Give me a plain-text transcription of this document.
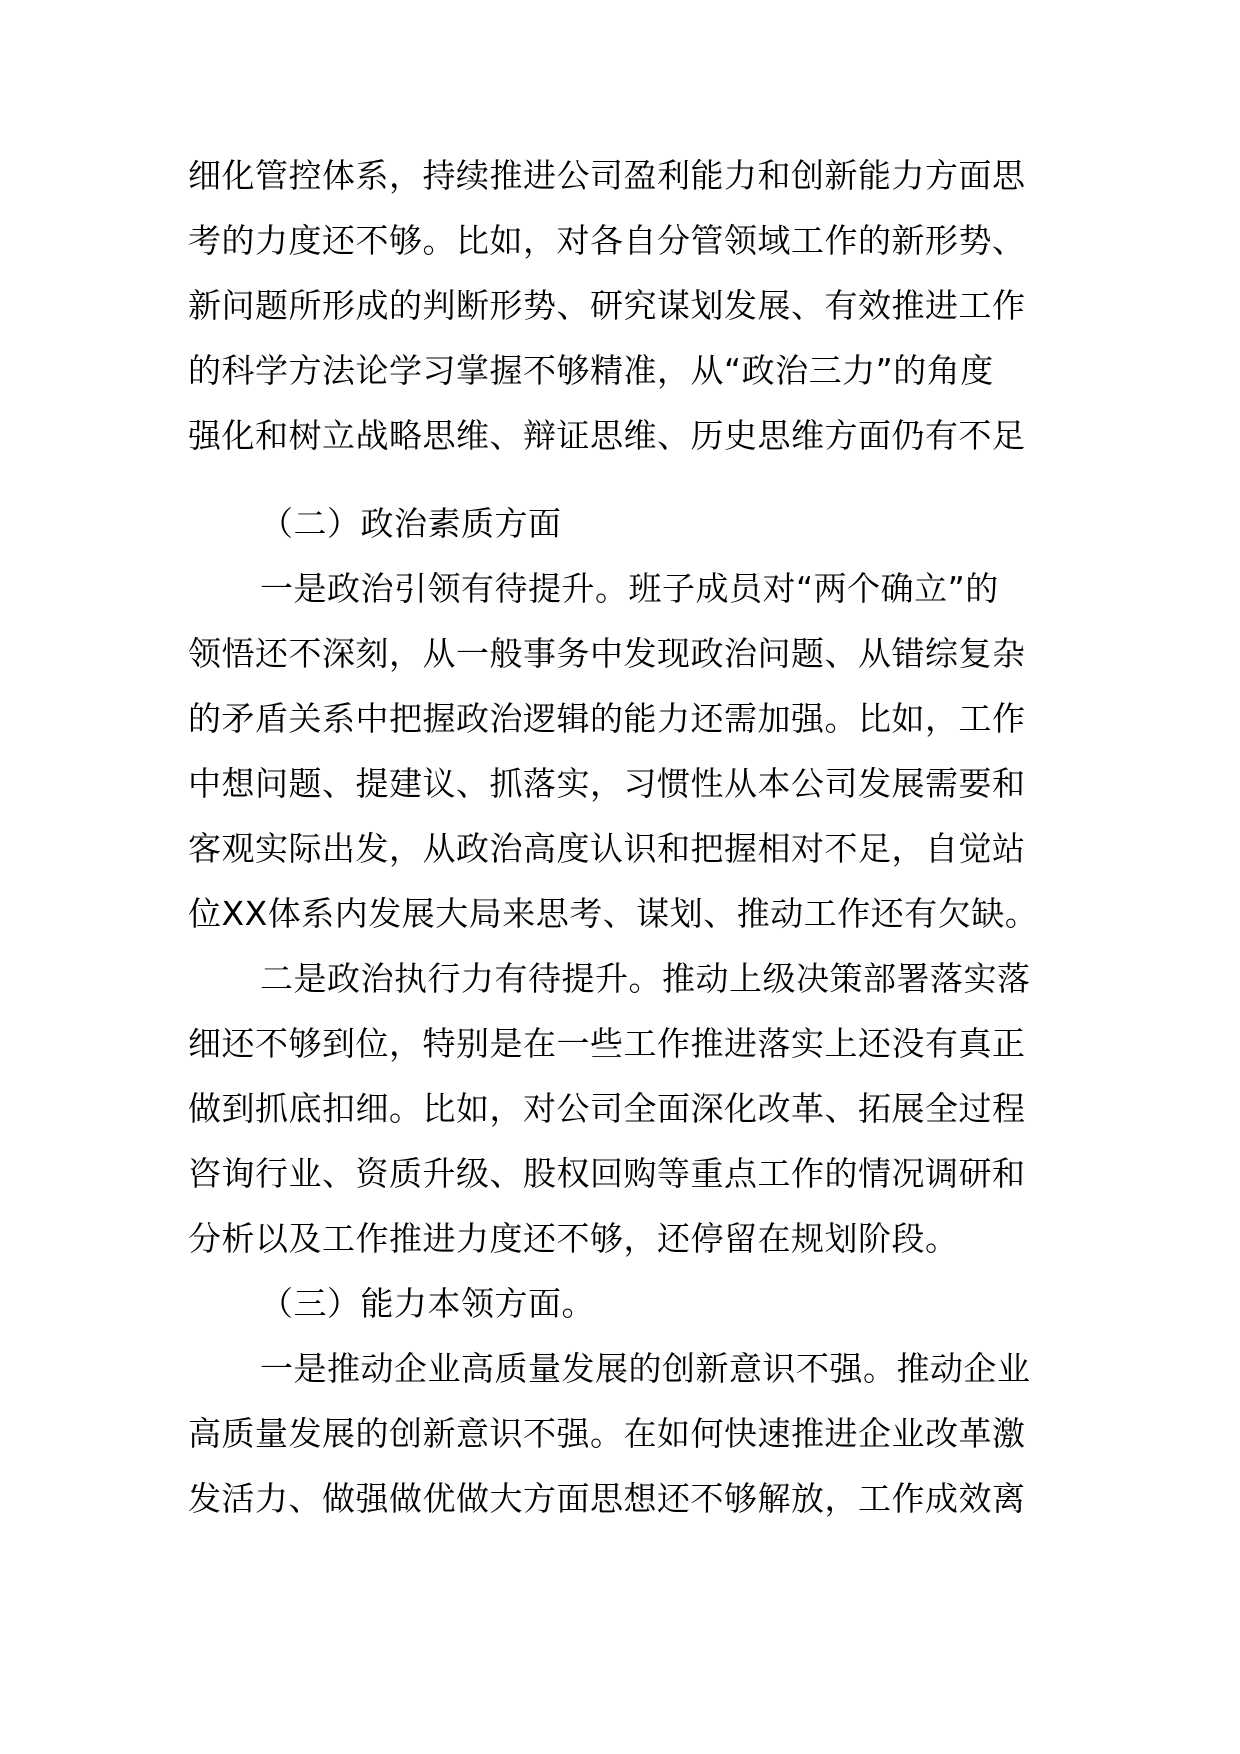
细化管控体系，持续推进公司盈利能力和创新能力方面思
考的力度还不够。比如，对各自分管领域工作的新形势、
新问题所形成的判断形势、研究谋划发展、有效推进工作
的科学方法论学习掌握不够精准，从“政治三力”的角度
强化和树立战略思维、辩证思维、历史思维方面仍有不足
（二）政治素质方面
一是政治引领有待提升。班子成员对“两个确立”的
领悟还不深刻，从一般事务中发现政治问题、从错综复杂
的矛盾关系中把握政治逻辑的能力还需加强。比如，工作
中想问题、提建议、抓落实，习惯性从本公司发展需要和
客观实际出发，从政治高度认识和把握相对不足，自觉站
位XX体系内发展大局来思考、谋划、推动工作还有欠缺。
二是政治执行力有待提升。推动上级决策部署落实落
细还不够到位，特别是在一些工作推进落实上还没有真正
做到抓底扣细。比如，对公司全面深化改革、拓展全过程
咨询行业、资质升级、股权回购等重点工作的情况调研和
分析以及工作推进力度还不够，还停留在规划阶段。
（三）能力本领方面。
一是推动企业高质量发展的创新意识不强。推动企业
高质量发展的创新意识不强。在如何快速推进企业改革激
发活力、做强做优做大方面思想还不够解放，工作成效离
